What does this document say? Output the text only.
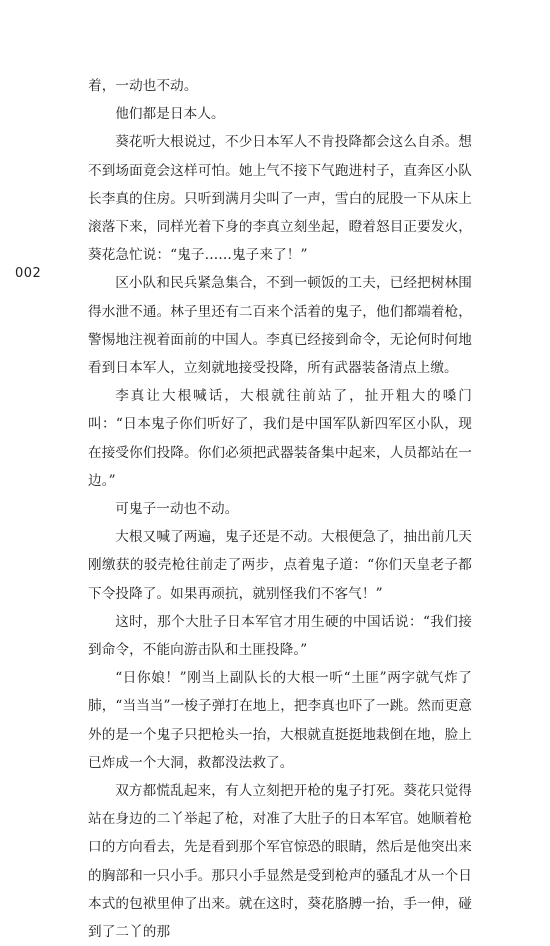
002

着，一动也不动。

他们都是日本人。

葵花听大根说过，不少日本军人不肯投降都会这么自杀。想不到场面竟会这样可怕。她上气不接下气跑进村子，直奔区小队长李真的住房。只听到满月尖叫了一声，雪白的屁股一下从床上滚落下来，同样光着下身的李真立刻坐起，瞪着怒目正要发火，葵花急忙说：“鬼子……鬼子来了！”

区小队和民兵紧急集合，不到一顿饭的工夫，已经把树林围得水泄不通。林子里还有二百来个活着的鬼子，他们都端着枪，警惕地注视着面前的中国人。李真已经接到命令，无论何时何地看到日本军人，立刻就地接受投降，所有武器装备清点上缴。

李真让大根喊话，大根就往前站了，扯开粗大的嗓门叫：“日本鬼子你们听好了，我们是中国军队新四军区小队，现在接受你们投降。你们必须把武器装备集中起来，人员都站在一边。”

可鬼子一动也不动。

大根又喊了两遍，鬼子还是不动。大根便急了，抽出前几天刚缴获的驳壳枪往前走了两步，点着鬼子道：“你们天皇老子都下令投降了。如果再顽抗，就别怪我们不客气！”

这时，那个大肚子日本军官才用生硬的中国话说：“我们接到命令，不能向游击队和土匪投降。”

“日你娘！”刚当上副队长的大根一听“土匪”两字就气炸了肺，“当当当”一梭子弹打在地上，把李真也吓了一跳。然而更意外的是一个鬼子只把枪头一抬，大根就直挺挺地栽倒在地，脸上已炸成一个大洞，救都没法救了。

双方都慌乱起来，有人立刻把开枪的鬼子打死。葵花只觉得站在身边的二丫举起了枪，对准了大肚子的日本军官。她顺着枪口的方向看去，先是看到那个军官惊恐的眼睛，然后是他突出来的胸部和一只小手。那只小手显然是受到枪声的骚乱才从一个日本式的包袱里伸了出来。就在这时，葵花胳膊一抬，手一伸，碰到了二丫的那
